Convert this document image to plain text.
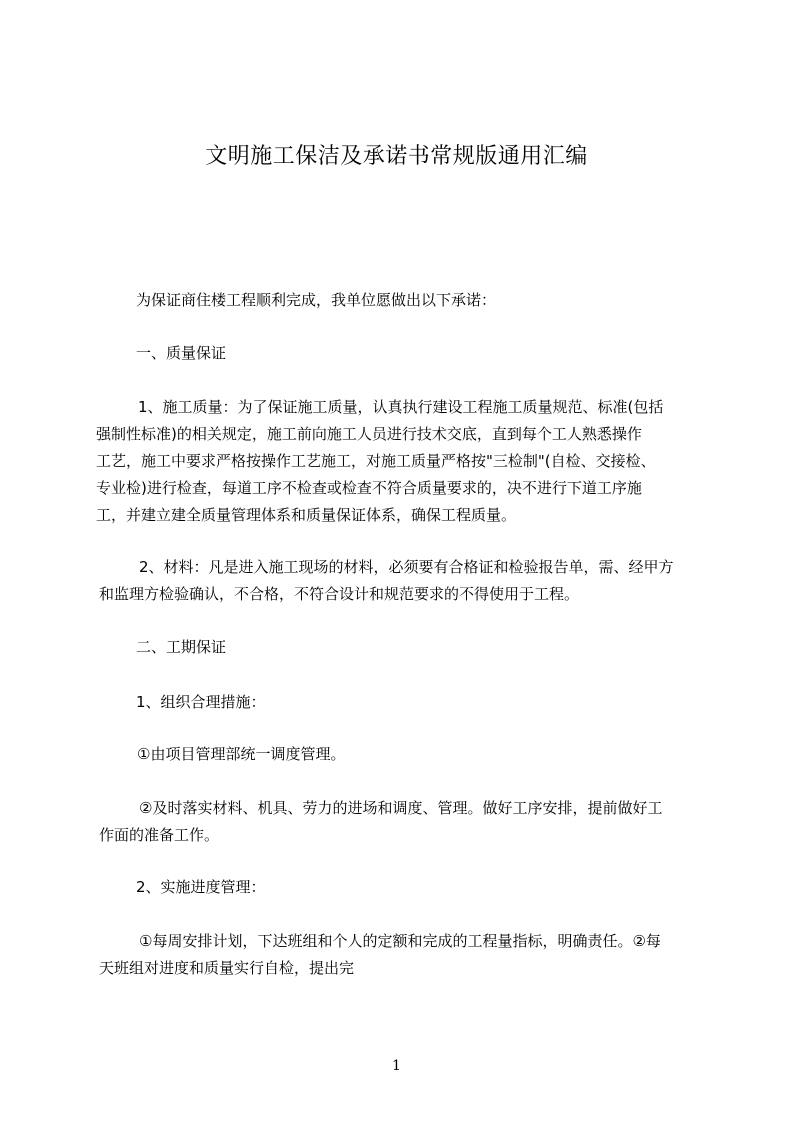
文明施工保洁及承诺书常规版通用汇编
为保证商住楼工程顺利完成，我单位愿做出以下承诺：
一、质量保证
1、施工质量：为了保证施工质量，认真执行建设工程施工质量规范、标准(包括
强制性标准)的相关规定，施工前向施工人员进行技术交底，直到每个工人熟悉操作
工艺，施工中要求严格按操作工艺施工，对施工质量严格按"三检制"(自检、交接检、
专业检)进行检查，每道工序不检查或检查不符合质量要求的，决不进行下道工序施
工，并建立建全质量管理体系和质量保证体系，确保工程质量。
2、材料：凡是进入施工现场的材料，必须要有合格证和检验报告单，需、经甲方
和监理方检验确认，不合格，不符合设计和规范要求的不得使用于工程。
二、工期保证
1、组织合理措施：
①由项目管理部统一调度管理。
②及时落实材料、机具、劳力的进场和调度、管理。做好工序安排，提前做好工
作面的准备工作。
2、实施进度管理：
①每周安排计划，下达班组和个人的定额和完成的工程量指标，明确责任。②每
天班组对进度和质量实行自检，提出完
1
